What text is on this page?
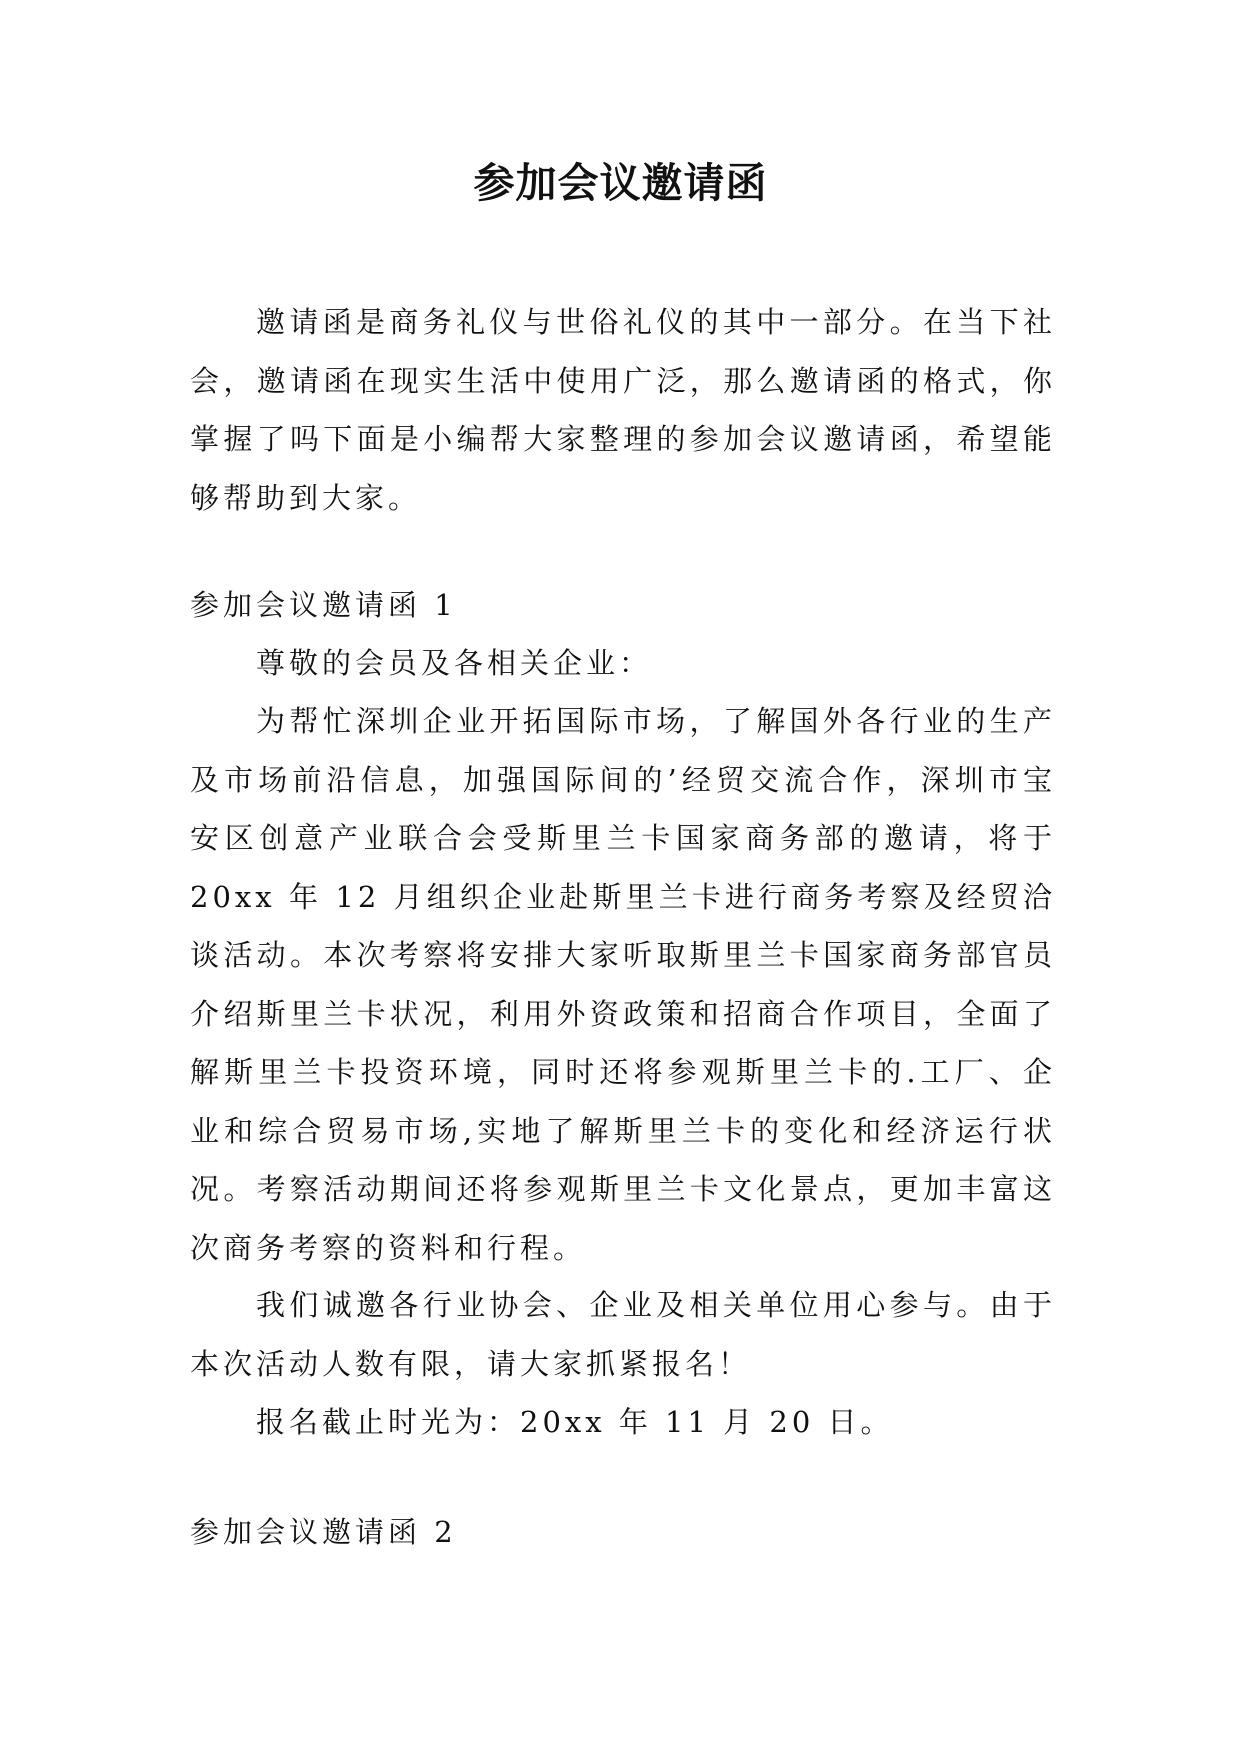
参加会议邀请函

邀请函是商务礼仪与世俗礼仪的其中一部分。在当下社会，邀请函在现实生活中使用广泛，那么邀请函的格式，你掌握了吗下面是小编帮大家整理的参加会议邀请函，希望能够帮助到大家。

参加会议邀请函 1

尊敬的会员及各相关企业：

为帮忙深圳企业开拓国际市场，了解国外各行业的生产及市场前沿信息，加强国际间的’经贸交流合作，深圳市宝安区创意产业联合会受斯里兰卡国家商务部的邀请，将于 20xx 年 12 月组织企业赴斯里兰卡进行商务考察及经贸洽谈活动。本次考察将安排大家听取斯里兰卡国家商务部官员介绍斯里兰卡状况，利用外资政策和招商合作项目，全面了解斯里兰卡投资环境，同时还将参观斯里兰卡的.工厂、企业和综合贸易市场,实地了解斯里兰卡的变化和经济运行状况。考察活动期间还将参观斯里兰卡文化景点，更加丰富这次商务考察的资料和行程。

我们诚邀各行业协会、企业及相关单位用心参与。由于本次活动人数有限，请大家抓紧报名！

报名截止时光为：20xx 年 11 月 20 日。

参加会议邀请函 2
